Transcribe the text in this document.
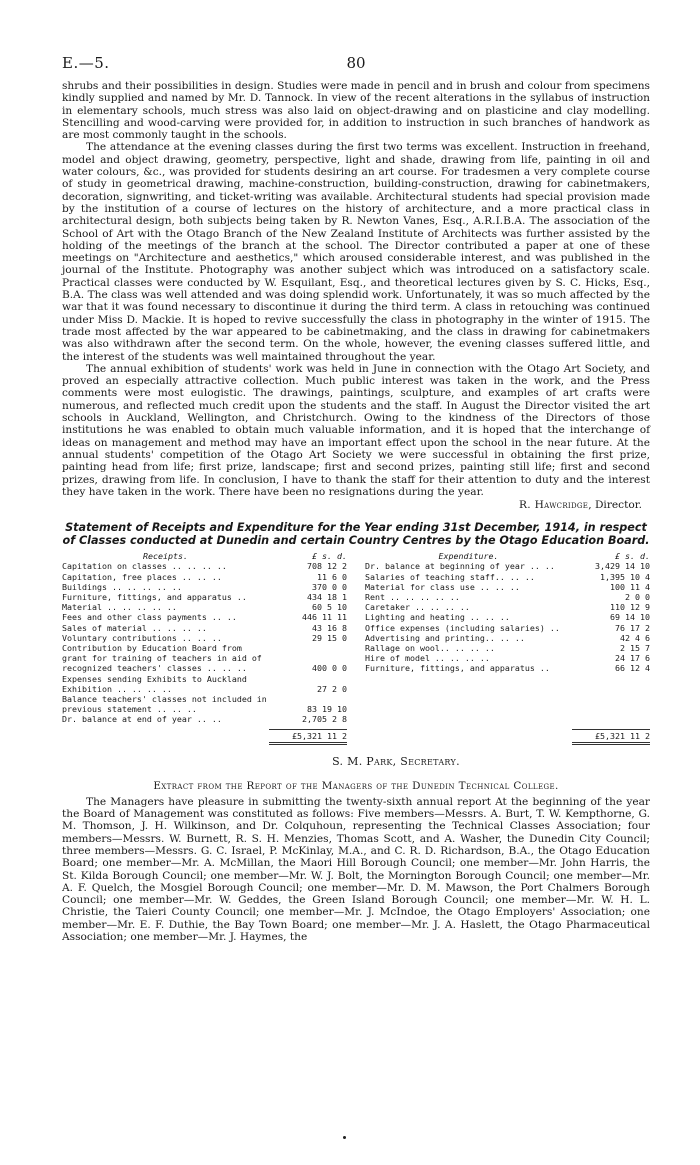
E.—5.	80

shrubs and their possibilities in design. Studies were made in pencil and in brush and colour from specimens kindly supplied and named by Mr. D. Tannock. In view of the recent alterations in the syllabus of instruction in elementary schools, much stress was also laid on object-drawing and on plasticine and clay modelling. Stencilling and wood-carving were provided for, in addition to instruction in such branches of handwork as are most commonly taught in the schools.

The attendance at the evening classes during the first two terms was excellent. Instruction in freehand, model and object drawing, geometry, perspective, light and shade, drawing from life, painting in oil and water colours, &c., was provided for students desiring an art course. For tradesmen a very complete course of study in geometrical drawing, machine-construction, building-construction, drawing for cabinetmakers, decoration, signwriting, and ticket-writing was available. Architectural students had special provision made by the institution of a course of lectures on the history of architecture, and a more practical class in architectural design, both subjects being taken by R. Newton Vanes, Esq., A.R.I.B.A. The association of the School of Art with the Otago Branch of the New Zealand Institute of Architects was further assisted by the holding of the meetings of the branch at the school. The Director contributed a paper at one of these meetings on "Architecture and aesthetics," which aroused considerable interest, and was published in the journal of the Institute. Photography was another subject which was introduced on a satisfactory scale. Practical classes were conducted by W. Esquilant, Esq., and theoretical lectures given by S. C. Hicks, Esq., B.A. The class was well attended and was doing splendid work. Unfortunately, it was so much affected by the war that it was found necessary to discontinue it during the third term. A class in retouching was continued under Miss D. Mackie. It is hoped to revive successfully the class in photography in the winter of 1915. The trade most affected by the war appeared to be cabinetmaking, and the class in drawing for cabinetmakers was also withdrawn after the second term. On the whole, however, the evening classes suffered little, and the interest of the students was well maintained throughout the year.

The annual exhibition of students' work was held in June in connection with the Otago Art Society, and proved an especially attractive collection. Much public interest was taken in the work, and the Press comments were most eulogistic. The drawings, paintings, sculpture, and examples of art crafts were numerous, and reflected much credit upon the students and the staff. In August the Director visited the art schools in Auckland, Wellington, and Christchurch. Owing to the kindness of the Directors of those institutions he was enabled to obtain much valuable information, and it is hoped that the interchange of ideas on management and method may have an important effect upon the school in the near future. At the annual students' competition of the Otago Art Society we were successful in obtaining the first prize, painting head from life; first prize, landscape; first and second prizes, painting still life; first and second prizes, drawing from life. In conclusion, I have to thank the staff for their attention to duty and the interest they have taken in the work. There have been no resignations during the year.

R. Hawcridge, Director.
Statement of Receipts and Expenditure for the Year ending 31st December, 1914, in respect of Classes conducted at Dunedin and certain Country Centres by the Otago Education Board.
Receipts.	£ s. d.
Capitation on classes .. .. .. ..	708 12 2
Capitation, free places .. .. ..	11 6 0
Buildings .. .. .. .. ..	370 0 0
Furniture, fittings, and apparatus ..	434 18 1
Material .. .. .. .. ..	60 5 10
Fees and other class payments .. ..	446 11 11
Sales of material .. .. .. ..	43 16 8
Voluntary contributions .. .. ..	29 15 0
Contribution by Education Board from grant for training of teachers in aid of recognized teachers' classes .. .. ..	400 0 0
Expenses sending Exhibits to Auckland Exhibition .. .. .. ..	27 2 0
Balance teachers' classes not included in previous statement .. .. ..	83 19 10
Dr. balance at end of year .. ..	2,705 2 8
£5,321 11 2
Expenditure.	£ s. d.
Dr. balance at beginning of year .. ..	3,429 14 10
Salaries of teaching staff.. .. ..	1,395 10 4
Material for class use .. .. ..	100 11 4
Rent .. .. .. .. ..	2 0 0
Caretaker .. .. .. ..	110 12 9
Lighting and heating .. .. ..	69 14 10
Office expenses (including salaries) ..	76 17 2
Advertising and printing.. .. ..	42 4 6
Rallage on wool.. .. .. ..	2 15 7
Hire of model .. .. .. ..	24 17 6
Furniture, fittings, and apparatus ..	66 12 4
£5,321 11 2
S. M. Park, Secretary.
Extract from the Report of the Managers of the Dunedin Technical College.

The Managers have pleasure in submitting the twenty-sixth annual report At the beginning of the year the Board of Management was constituted as follows: Five members—Messrs. A. Burt, T. W. Kempthorne, G. M. Thomson, J. H. Wilkinson, and Dr. Colquhoun, representing the Technical Classes Association; four members—Messrs. W. Burnett, R. S. H. Menzies, Thomas Scott, and A. Washer, the Dunedin City Council; three members—Messrs. G. C. Israel, P. McKinlay, M.A., and C. R. D. Richardson, B.A., the Otago Education Board; one member—Mr. A. McMillan, the Maori Hill Borough Council; one member—Mr. John Harris, the St. Kilda Borough Council; one member—Mr. W. J. Bolt, the Mornington Borough Council; one member—Mr. A. F. Quelch, the Mosgiel Borough Council; one member—Mr. D. M. Mawson, the Port Chalmers Borough Council; one member—Mr. W. Geddes, the Green Island Borough Council; one member—Mr. W. H. L. Christie, the Taieri County Council; one member—Mr. J. McIndoe, the Otago Employers' Association; one member—Mr. E. F. Duthie, the Bay Town Board; one member—Mr. J. A. Haslett, the Otago Pharmaceutical Association; one member—Mr. J. Haymes, the
